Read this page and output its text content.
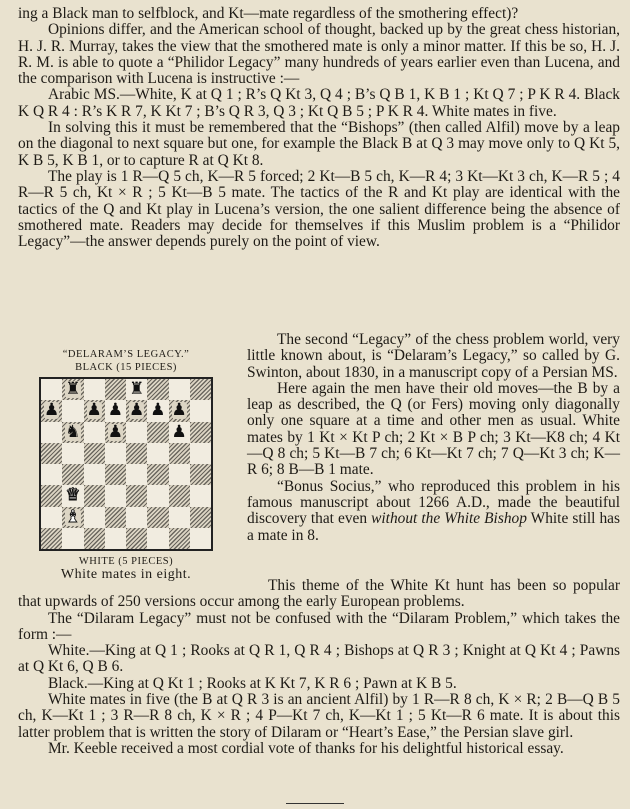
ing a Black man to selfblock, and Kt—mate regardless of the smothering effect)?

Opinions differ, and the American school of thought, backed up by the great chess historian, H. J. R. Murray, takes the view that the smothered mate is only a minor matter. If this be so, H. J. R. M. is able to quote a “Philidor Legacy” many hundreds of years earlier even than Lucena, and the comparison with Lucena is instructive :—

Arabic MS.—White, K at Q 1 ; R’s Q Kt 3, Q 4 ; B’s Q B 1, K B 1 ; Kt Q 7 ; P K R 4. Black K Q R 4 : R’s K R 7, K Kt 7 ; B’s Q R 3, Q 3 ; Kt Q B 5 ; P K R 4. White mates in five.

In solving this it must be remembered that the “Bishops” (then called Alfil) move by a leap on the diagonal to next square but one, for example the Black B at Q 3 may move only to Q Kt 5, K B 5, K B 1, or to capture R at Q Kt 8.

The play is 1 R—Q 5 ch, K—R 5 forced; 2 Kt—B 5 ch, K—R 4; 3 Kt—Kt 3 ch, K—R 5 ; 4 R—R 5 ch, Kt × R ; 5 Kt—B 5 mate. The tactics of the R and Kt play are identical with the tactics of the Q and Kt play in Lucena’s version, the one salient difference being the absence of smothered mate. Readers may decide for themselves if this Muslim problem is a “Philidor Legacy”—the answer depends purely on the point of view.

“DELARAM’S LEGACY.”
BLACK (15 PIECES)
♜	♜
♟ ♟ ♟ ♟ ♟ ♟
♞ ♟	♟
♛
♝
WHITE (5 PIECES)
White mates in eight.

The second “Legacy” of the chess problem world, very little known about, is “Delaram’s Legacy,” so called by G. Swinton, about 1830, in a manuscript copy of a Persian MS.

Here again the men have their old moves—the B by a leap as described, the Q (or Fers) moving only diagonally only one square at a time and other men as usual. White mates by 1 Kt × Kt P ch; 2 Kt × B P ch; 3 Kt—K8 ch; 4 Kt—Q 8 ch; 5 Kt—B 7 ch; 6 Kt—Kt 7 ch; 7 Q—Kt 3 ch; K—R 6; 8 B—B 1 mate.

“Bonus Socius,” who reproduced this problem in his famous manuscript about 1266 A.D., made the beautiful discovery that even without the White Bishop White still has a mate in 8.

This theme of the White Kt hunt has been so popular that upwards of 250 versions occur among the early European problems.

The “Dilaram Legacy” must not be confused with the “Dilaram Problem,” which takes the form :—

White.—King at Q 1 ; Rooks at Q R 1, Q R 4 ; Bishops at Q R 3 ; Knight at Q Kt 4 ; Pawns at Q Kt 6, Q B 6.

Black.—King at Q Kt 1 ; Rooks at K Kt 7, K R 6 ; Pawn at K B 5.

White mates in five (the B at Q R 3 is an ancient Alfil) by 1 R—R 8 ch, K × R; 2 B—Q B 5 ch, K—Kt 1 ; 3 R—R 8 ch, K × R ; 4 P—Kt 7 ch, K—Kt 1 ; 5 Kt—R 6 mate. It is about this latter problem that is written the story of Dilaram or “Heart’s Ease,” the Persian slave girl.

Mr. Keeble received a most cordial vote of thanks for his delightful historical essay.
